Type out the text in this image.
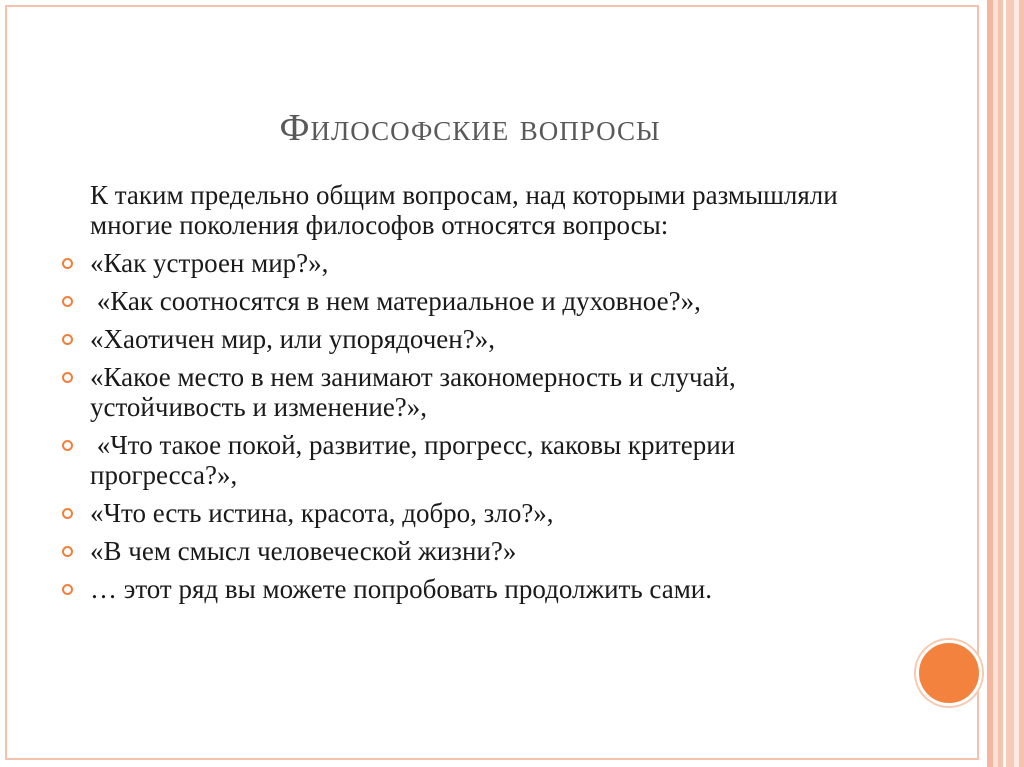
Философские вопросы

К таким предельно общим вопросам, над которыми размышляли многие поколения философов относятся вопросы:

«Как устроен мир?»,
«Как соотносятся в нем материальное и духовное?»,
«Хаотичен мир, или упорядочен?»,
«Какое место в нем занимают закономерность и случай, устойчивость и изменение?»,
«Что такое покой, развитие, прогресс, каковы критерии прогресса?»,
«Что есть истина, красота, добро, зло?»,
«В чем смысл человеческой жизни?»
… этот ряд вы можете попробовать продолжить сами.
